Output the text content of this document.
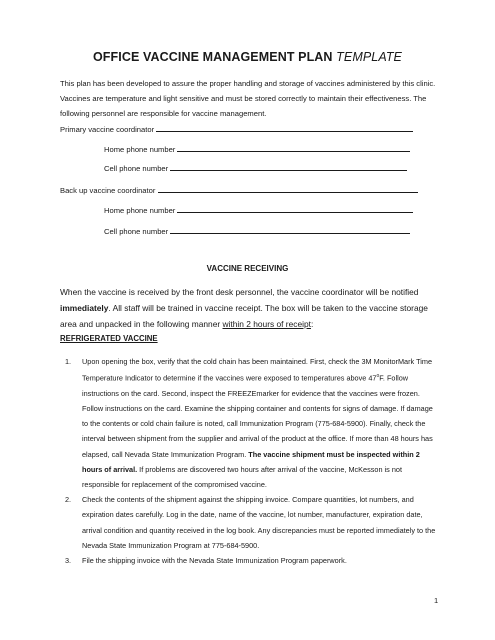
OFFICE VACCINE MANAGEMENT PLAN TEMPLATE
This plan has been developed to assure the proper handling and storage of vaccines administered by this clinic. Vaccines are temperature and light sensitive and must be stored correctly to maintain their effectiveness. The following personnel are responsible for vaccine management.
Primary vaccine coordinator
Home phone number
Cell phone number
Back up vaccine coordinator
Home phone number
Cell phone number
VACCINE RECEIVING
When the vaccine is received by the front desk personnel, the vaccine coordinator will be notified immediately. All staff will be trained in vaccine receipt. The box will be taken to the vaccine storage area and unpacked in the following manner within 2 hours of receipt:
REFRIGERATED VACCINE
1. Upon opening the box, verify that the cold chain has been maintained. First, check the 3M MonitorMark Time Temperature Indicator to determine if the vaccines were exposed to temperatures above 47$^o$F. Follow instructions on the card. Second, inspect the FREEZEmarker for evidence that the vaccines were frozen. Follow instructions on the card. Examine the shipping container and contents for signs of damage. If damage to the contents or cold chain failure is noted, call Immunization Program (775-684-5900). Finally, check the interval between shipment from the supplier and arrival of the product at the office. If more than 48 hours has elapsed, call Nevada State Immunization Program. The vaccine shipment must be inspected within 2 hours of arrival. If problems are discovered two hours after arrival of the vaccine, McKesson is not responsible for replacement of the compromised vaccine.
2. Check the contents of the shipment against the shipping invoice. Compare quantities, lot numbers, and expiration dates carefully. Log in the date, name of the vaccine, lot number, manufacturer, expiration date, arrival condition and quantity received in the log book. Any discrepancies must be reported immediately to the Nevada State Immunization Program at 775-684-5900.
3. File the shipping invoice with the Nevada State Immunization Program paperwork.
1
